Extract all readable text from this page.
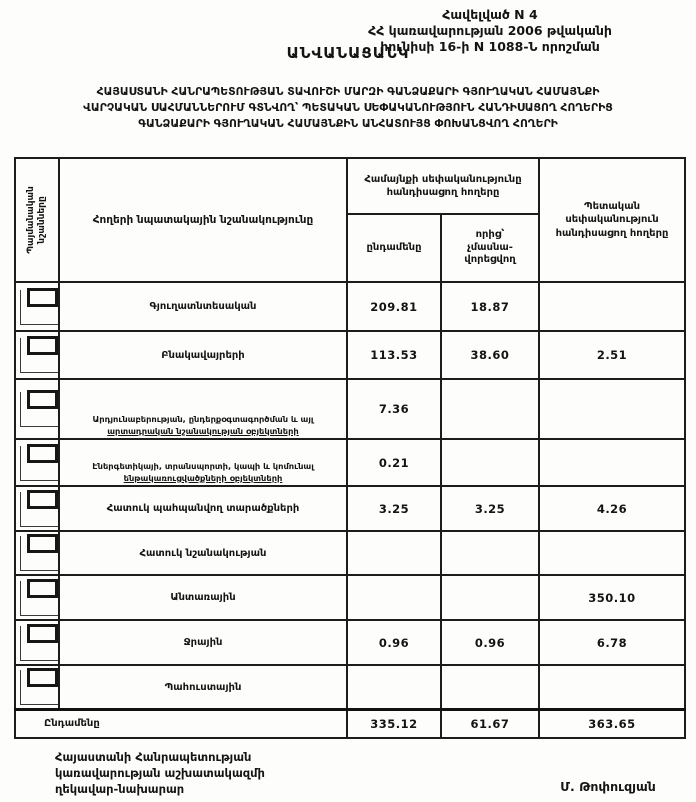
Հավելված N 4
ՀՀ կառավարության 2006 թվականի
հունիսի 16-ի N 1088-Ն որոշման
ԱՆՎԱՆԱՑԱՆԿ
ՀԱՅԱՍՏԱՆԻ ՀԱՆՐԱՊԵՏՈՒԹՅԱՆ ՏԱՎՈՒՇԻ ՄԱՐԶԻ ԳԱՆՁԱՔԱՐԻ ԳՅՈՒՂԱԿԱՆ ՀԱՄԱՅՆՔԻ
ՎԱՐՉԱԿԱՆ ՍԱՀՄԱՆՆԵՐՈՒՄ ԳՏՆՎՈՂ՝ ՊԵՏԱԿԱՆ ՍԵՓԱԿԱՆՈՒԹՅՈՒՆ ՀԱՆԴԻՍԱՑՈՂ ՀՈՂԵՐԻՑ
ԳԱՆՁԱՔԱՐԻ ԳՅՈՒՂԱԿԱՆ ՀԱՄԱՅՆՔԻՆ ԱՆՀԱՏՈՒՅՑ ՓՈԽԱՆՑՎՈՂ ՀՈՂԵՐԻ
Պայմանական նշանները	Հողերի նպատակային նշանակությունը	Համայնքի սեփականությունը հանդիսացող հողերը		Պետական սեփականություն հանդիսացող հողերը
		ընդամենը	որից՝ չմասնավորեցվող	

	Գյուղատնտեսական	209.81	18.87	

	Բնակավայրերի	113.53	38.60	2.51

	Արդյունաբերության, ընդերքօգտագործման և այլ
արտադրական նշանակության օբյեկտների	7.36		

	Էներգետիկայի, տրանսպորտի, կապի և կոմունալ
ենթակառուցվածքների օբյեկտների	0.21		

	Հատուկ պահպանվող տարածքների	3.25	3.25	4.26

	Հատուկ նշանակության			

	Անտառային			350.10

	Ջրային	0.96	0.96	6.78

	Պահուստային			
Ընդամենը		335.12	61.67	363.65
Հայաստանի Հանրապետության
կառավարության աշխատակազմի
ղեկավար-նախարար	Մ. Թոփուզյան
